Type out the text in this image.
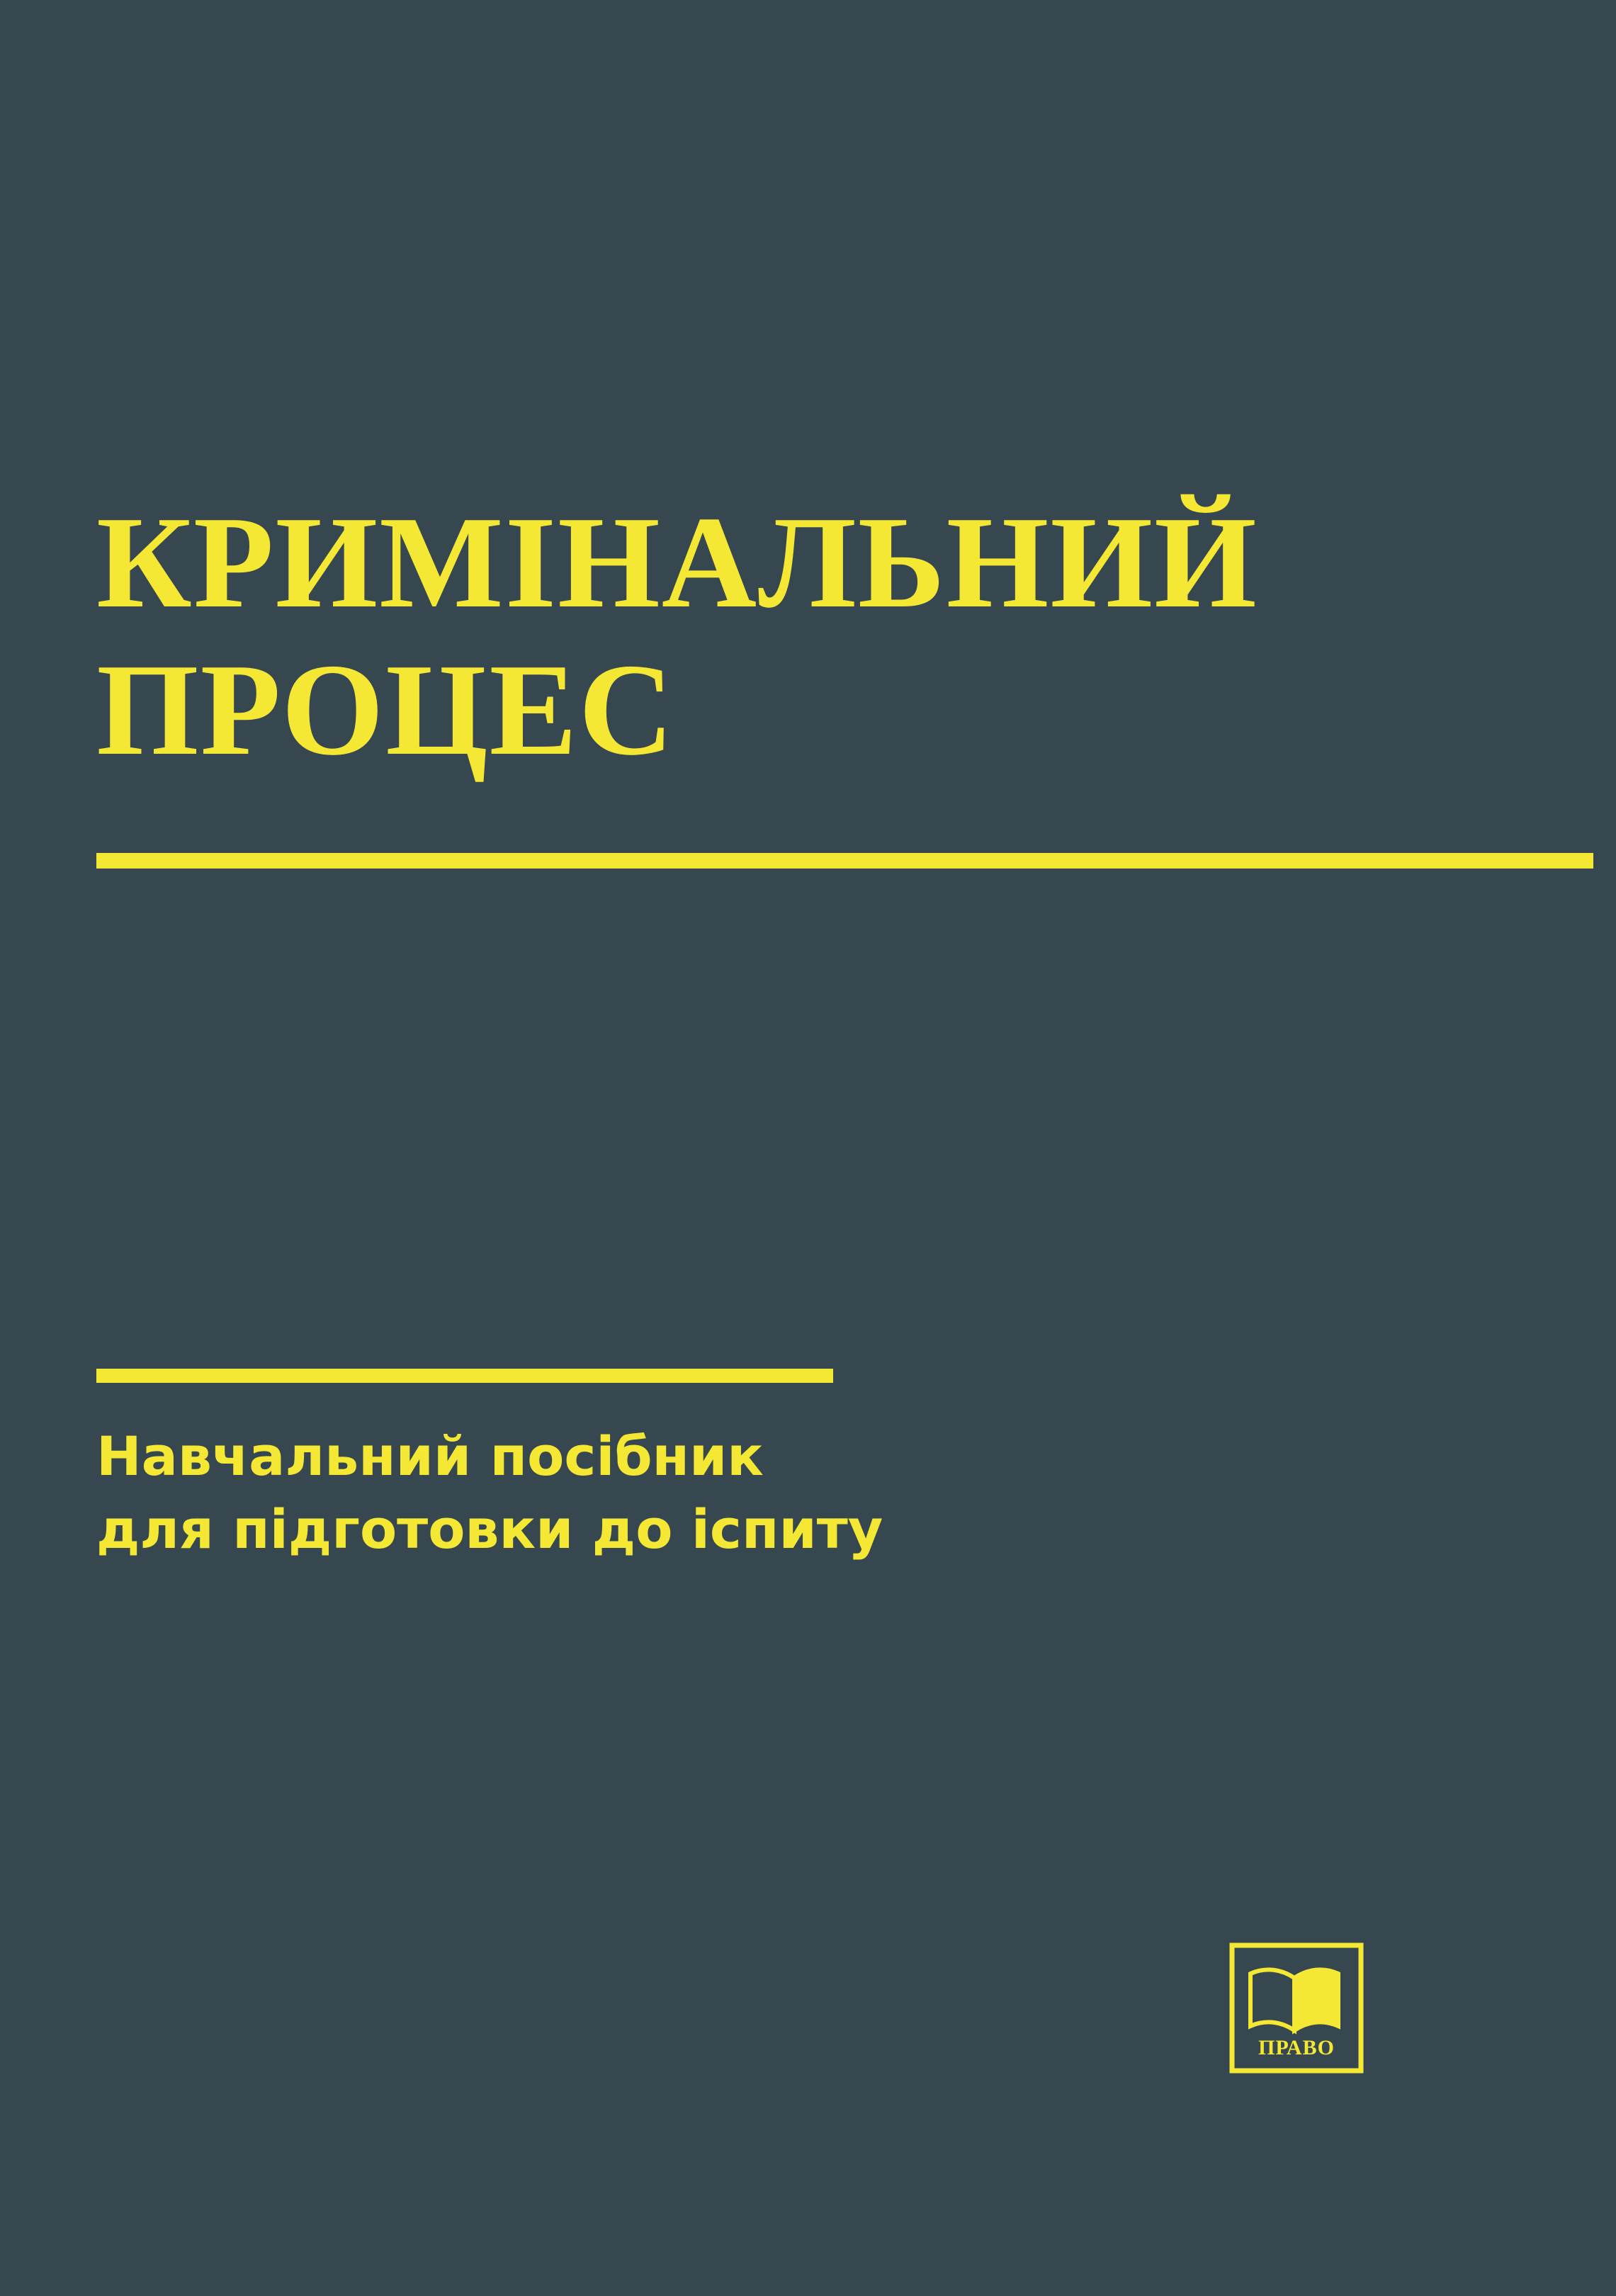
КРИМІНАЛЬНИЙ
ПРОЦЕС
Навчальний посібник
для підготовки до іспиту
ПРАВО
